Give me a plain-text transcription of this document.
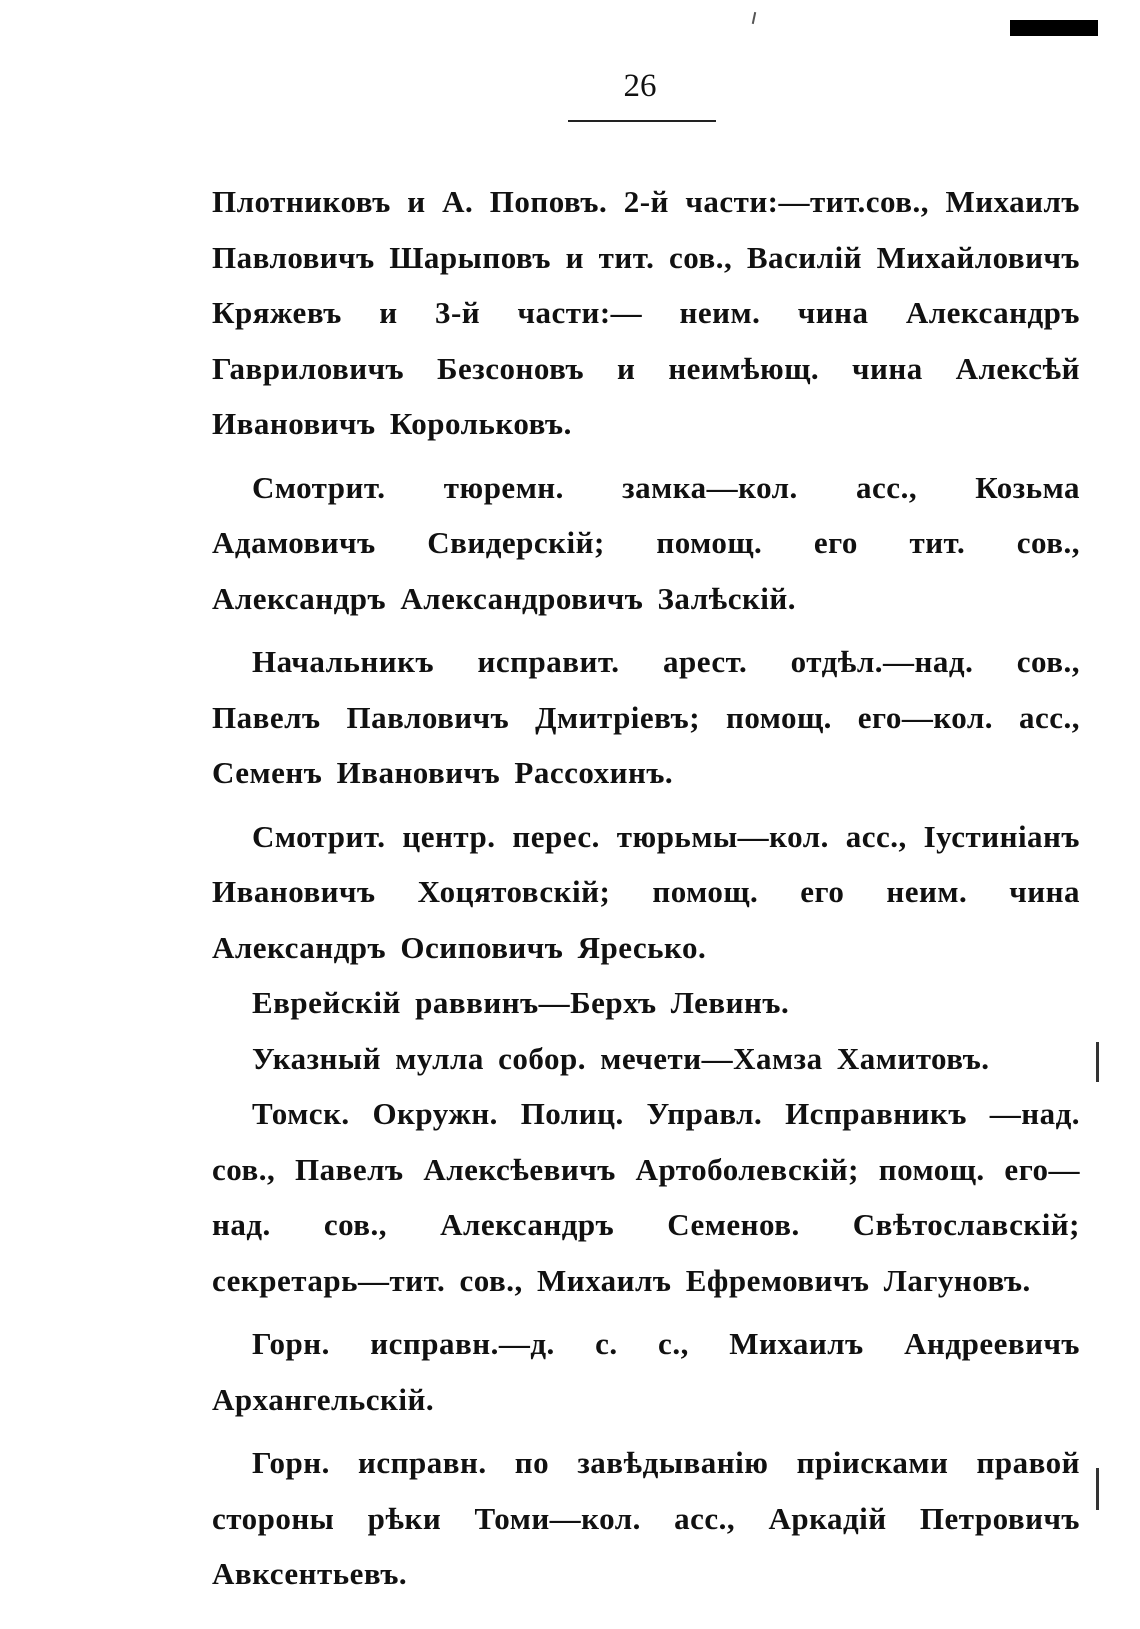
26

Плотниковъ и А. Поповъ. 2-й части:—тит.сов., Михаилъ Павловичъ Шарыповъ и тит. сов., Василій Михайловичъ Кряжевъ и 3-й части:— неим. чина Александръ Гавриловичъ Безсоновъ и неимѣющ. чина Алексѣй Ивановичъ Корольковъ.

Смотрит. тюремн. замка—кол. асс., Козьма Адамовичъ Свидерскій; помощ. его тит. сов., Александръ Александровичъ Залѣскій.

Начальникъ исправит. арест. отдѣл.—над. сов., Павелъ Павловичъ Дмитріевъ; помощ. его—кол. асс., Семенъ Ивановичъ Рассохинъ.

Смотрит. центр. перес. тюрьмы—кол. асс., Іустиніанъ Ивановичъ Хоцятовскій; помощ. его неим. чина Александръ Осиповичъ Яресько.

Еврейскій раввинъ—Берхъ Левинъ.

Указный мулла собор. мечети—Хамза Хамитовъ.

Томск. Окружн. Полиц. Управл. Исправникъ —над. сов., Павелъ Алексѣевичъ Артоболевскій; помощ. его—над. сов., Александръ Семенов. Свѣтославскій; секретарь—тит. сов., Михаилъ Ефремовичъ Лагуновъ.

Горн. исправн.—д. с. с., Михаилъ Андреевичъ Архангельскій.

Горн. исправн. по завѣдыванію пріисками правой стороны рѣки Томи—кол. асс., Аркадій Петровичъ Авксентьевъ.
